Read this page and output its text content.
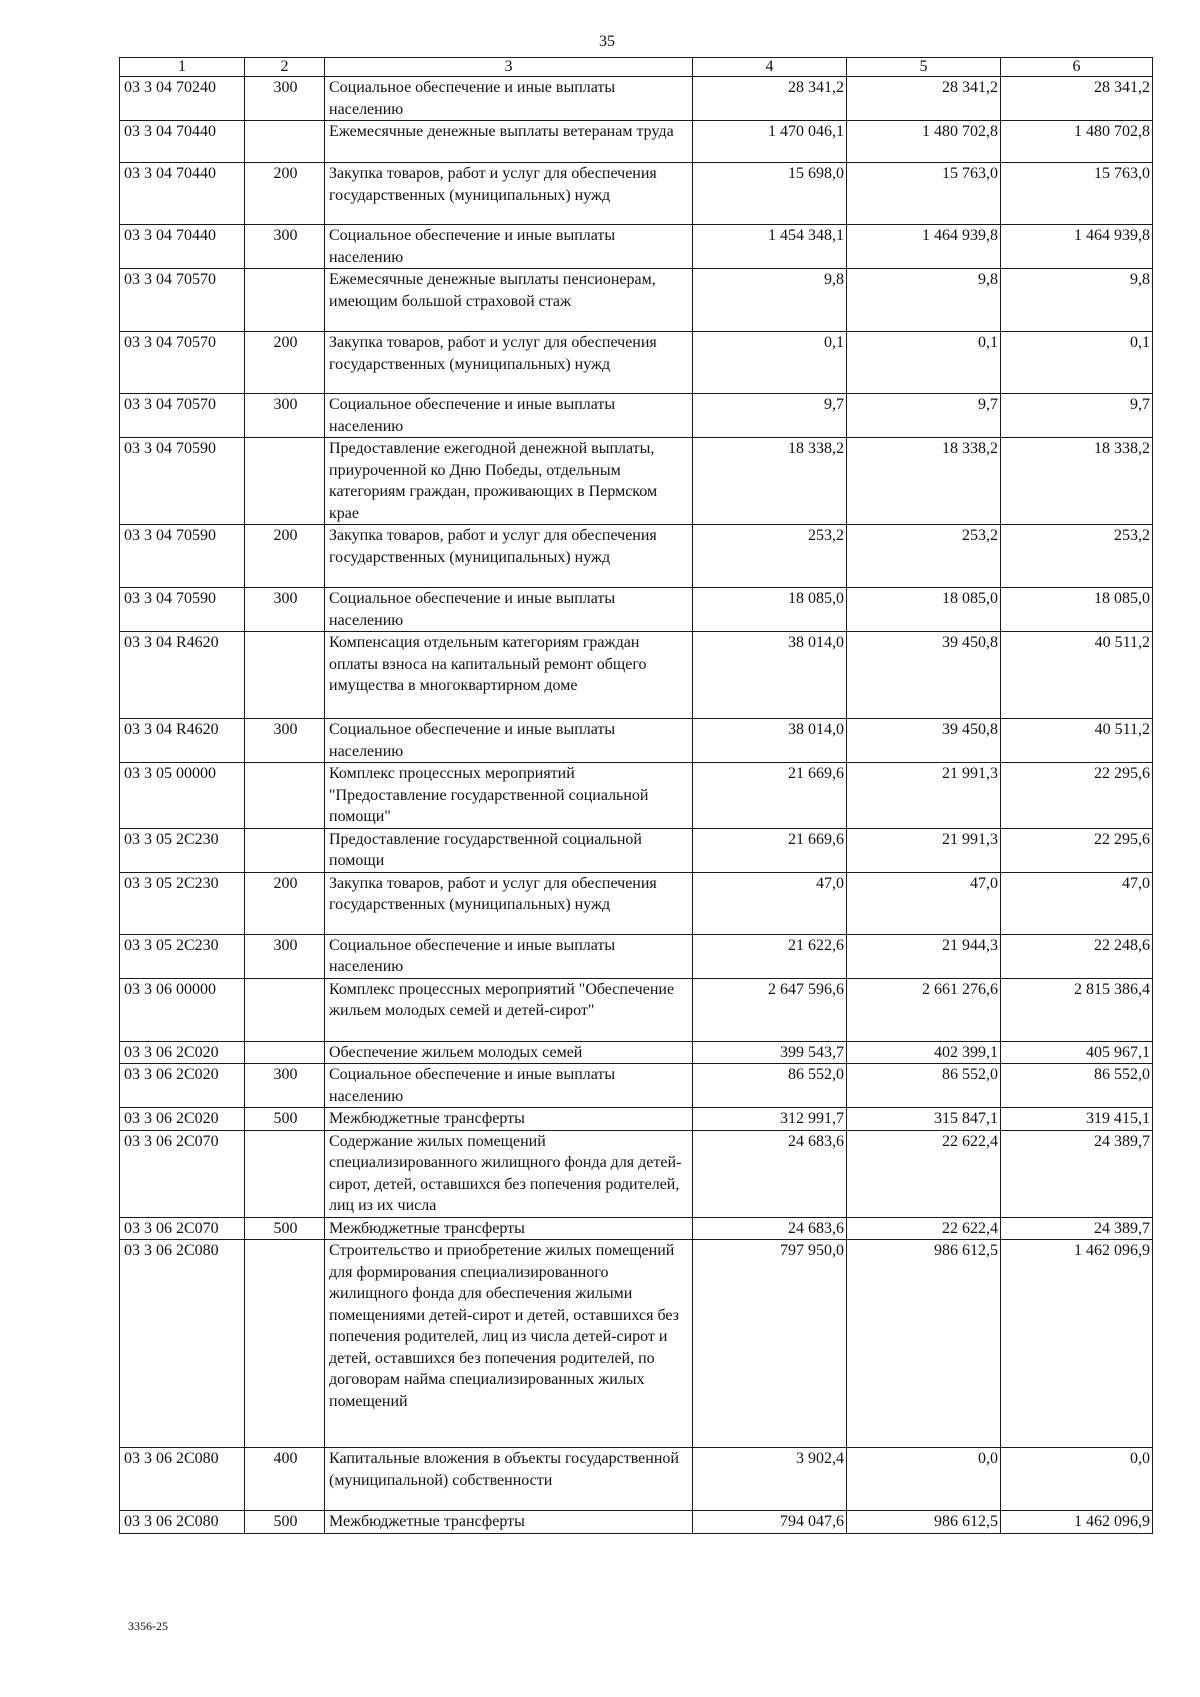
35
1	2	3	4	5	6
03 3 04 70240	300	Социальное обеспечение и иные выплаты населению	28 341,2	28 341,2	28 341,2
03 3 04 70440		Ежемесячные денежные выплаты ветеранам труда	1 470 046,1	1 480 702,8	1 480 702,8
03 3 04 70440	200	Закупка товаров, работ и услуг для обеспечения государственных (муниципальных) нужд	15 698,0	15 763,0	15 763,0
03 3 04 70440	300	Социальное обеспечение и иные выплаты населению	1 454 348,1	1 464 939,8	1 464 939,8
03 3 04 70570		Ежемесячные денежные выплаты пенсионерам, имеющим большой страховой стаж	9,8	9,8	9,8
03 3 04 70570	200	Закупка товаров, работ и услуг для обеспечения государственных (муниципальных) нужд	0,1	0,1	0,1
03 3 04 70570	300	Социальное обеспечение и иные выплаты населению	9,7	9,7	9,7
03 3 04 70590		Предоставление ежегодной денежной выплаты, приуроченной ко Дню Победы, отдельным категориям граждан, проживающих в Пермском крае	18 338,2	18 338,2	18 338,2
03 3 04 70590	200	Закупка товаров, работ и услуг для обеспечения государственных (муниципальных) нужд	253,2	253,2	253,2
03 3 04 70590	300	Социальное обеспечение и иные выплаты населению	18 085,0	18 085,0	18 085,0
03 3 04 R4620		Компенсация отдельным категориям граждан оплаты взноса на капитальный ремонт общего имущества в многоквартирном доме	38 014,0	39 450,8	40 511,2
03 3 04 R4620	300	Социальное обеспечение и иные выплаты населению	38 014,0	39 450,8	40 511,2
03 3 05 00000		Комплекс процессных мероприятий "Предоставление государственной социальной помощи"	21 669,6	21 991,3	22 295,6
03 3 05 2С230		Предоставление государственной социальной помощи	21 669,6	21 991,3	22 295,6
03 3 05 2С230	200	Закупка товаров, работ и услуг для обеспечения государственных (муниципальных) нужд	47,0	47,0	47,0
03 3 05 2С230	300	Социальное обеспечение и иные выплаты населению	21 622,6	21 944,3	22 248,6
03 3 06 00000		Комплекс процессных мероприятий "Обеспечение жильем молодых семей и детей-сирот"	2 647 596,6	2 661 276,6	2 815 386,4
03 3 06 2С020		Обеспечение жильем молодых семей	399 543,7	402 399,1	405 967,1
03 3 06 2С020	300	Социальное обеспечение и иные выплаты населению	86 552,0	86 552,0	86 552,0
03 3 06 2С020	500	Межбюджетные трансферты	312 991,7	315 847,1	319 415,1
03 3 06 2С070		Содержание жилых помещений специализированного жилищного фонда для детей-сирот, детей, оставшихся без попечения родителей, лиц из их числа	24 683,6	22 622,4	24 389,7
03 3 06 2С070	500	Межбюджетные трансферты	24 683,6	22 622,4	24 389,7
03 3 06 2С080		Строительство и приобретение жилых помещений для формирования специализированного жилищного фонда для обеспечения жилыми помещениями детей-сирот и детей, оставшихся без попечения родителей, лиц из числа детей-сирот и детей, оставшихся без попечения родителей, по договорам найма специализированных жилых помещений	797 950,0	986 612,5	1 462 096,9
03 3 06 2С080	400	Капитальные вложения в объекты государственной (муниципальной) собственности	3 902,4	0,0	0,0
03 3 06 2С080	500	Межбюджетные трансферты	794 047,6	986 612,5	1 462 096,9
3356-25
